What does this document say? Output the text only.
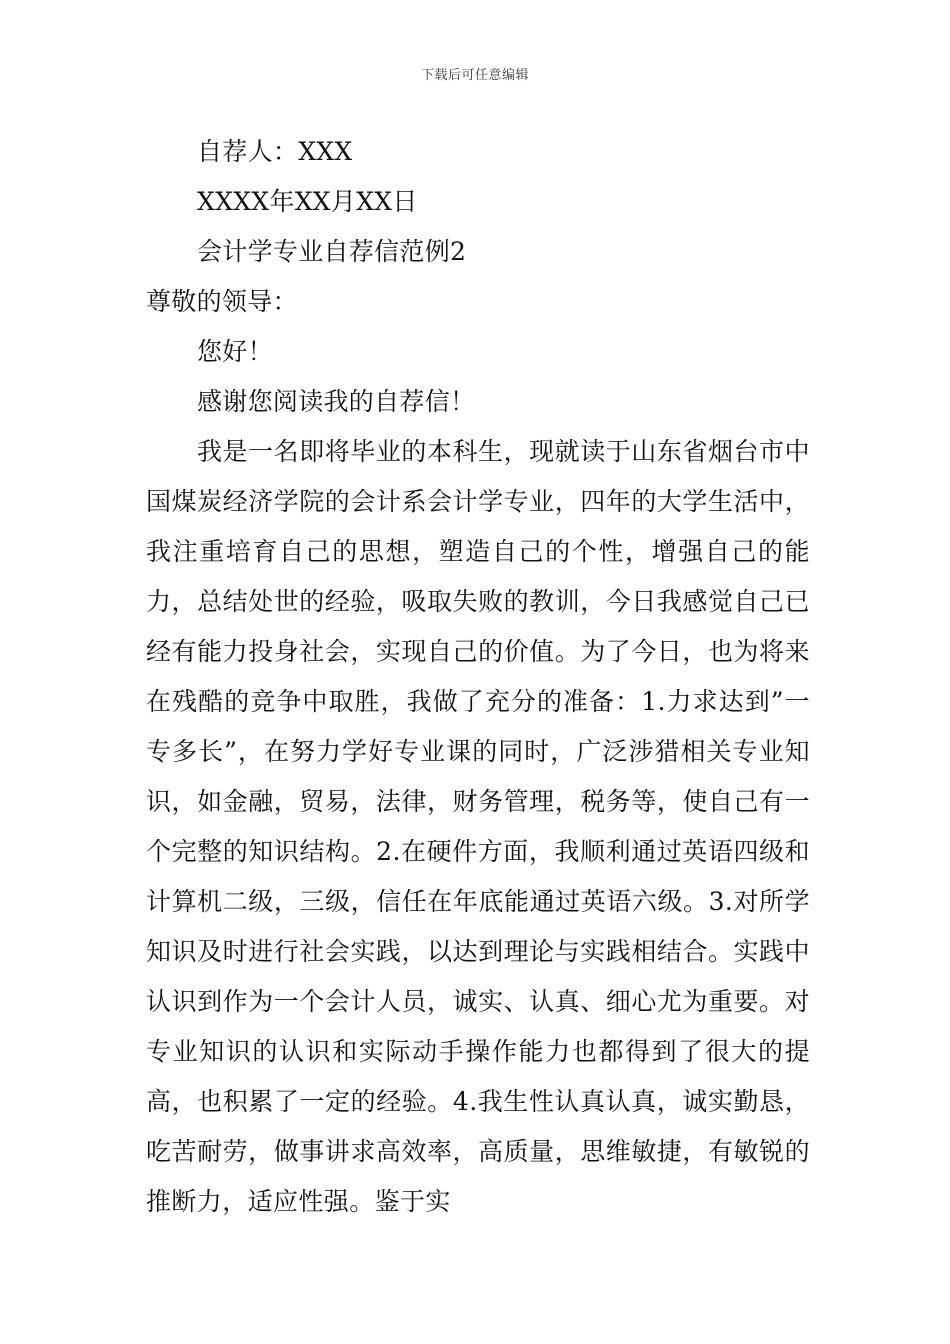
下载后可任意编辑
自荐人：XXX
XXXX年XX月XX日
会计学专业自荐信范例2
尊敬的领导：
您好！
感谢您阅读我的自荐信！

我是一名即将毕业的本科生，现就读于山东省烟台市中国煤炭经济学院的会计系会计学专业，四年的大学生活中，我注重培育自己的思想，塑造自己的个性，增强自己的能力，总结处世的经验，吸取失败的教训，今日我感觉自己已经有能力投身社会，实现自己的价值。为了今日，也为将来在残酷的竞争中取胜，我做了充分的准备：1.力求达到”一专多长”，在努力学好专业课的同时，广泛涉猎相关专业知识，如金融，贸易，法律，财务管理，税务等，使自己有一个完整的知识结构。2.在硬件方面，我顺利通过英语四级和计算机二级，三级，信任在年底能通过英语六级。3.对所学知识及时进行社会实践，以达到理论与实践相结合。实践中认识到作为一个会计人员，诚实、认真、细心尤为重要。对专业知识的认识和实际动手操作能力也都得到了很大的提高，也积累了一定的经验。4.我生性认真认真，诚实勤恳，吃苦耐劳，做事讲求高效率，高质量，思维敏捷，有敏锐的推断力，适应性强。鉴于实
